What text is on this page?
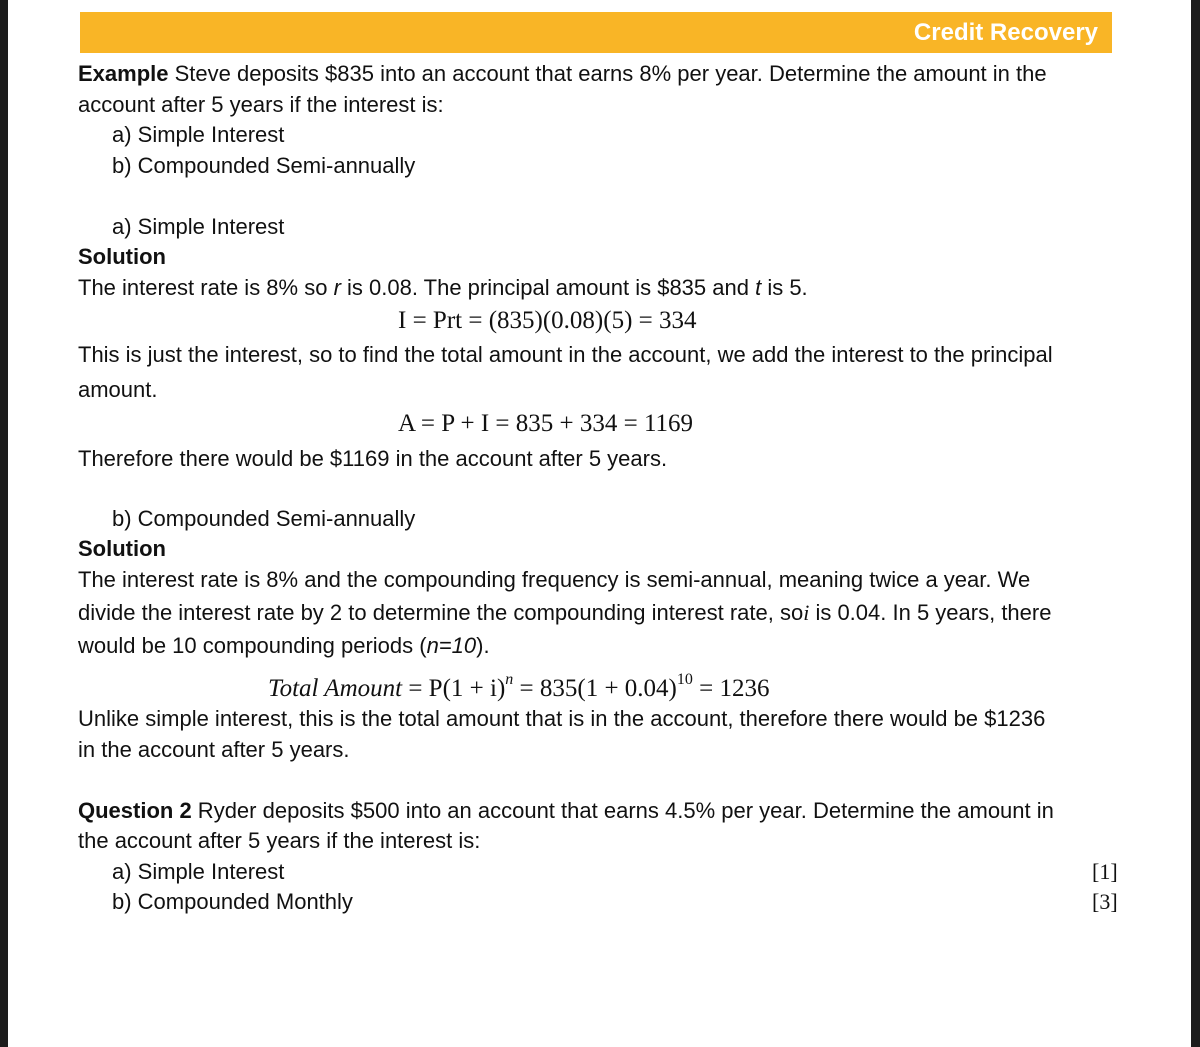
Credit Recovery
Example Steve deposits $835 into an account that earns 8% per year. Determine the amount in the
account after 5 years if the interest is:
a) Simple Interest
b) Compounded Semi-annually
a) Simple Interest
Solution
The interest rate is 8% so r is 0.08. The principal amount is $835 and t is 5.
I = Prt = (835)(0.08)(5) = 334
This is just the interest, so to find the total amount in the account, we add the interest to the principal
amount.
A = P + I = 835 + 334 = 1169
Therefore there would be $1169 in the account after 5 years.
b) Compounded Semi-annually
Solution
The interest rate is 8% and the compounding frequency is semi-annual, meaning twice a year. We
divide the interest rate by 2 to determine the compounding interest rate, soi is 0.04. In 5 years, there
would be 10 compounding periods (n=10).
Total Amount = $P(1 + i)^n = 835(1 + 0.04)^{10} = 1236$
Unlike simple interest, this is the total amount that is in the account, therefore there would be $1236
in the account after 5 years.
Question 2 Ryder deposits $500 into an account that earns 4.5% per year. Determine the amount in
the account after 5 years if the interest is:
a) Simple Interest	[1]
b) Compounded Monthly	[3]
